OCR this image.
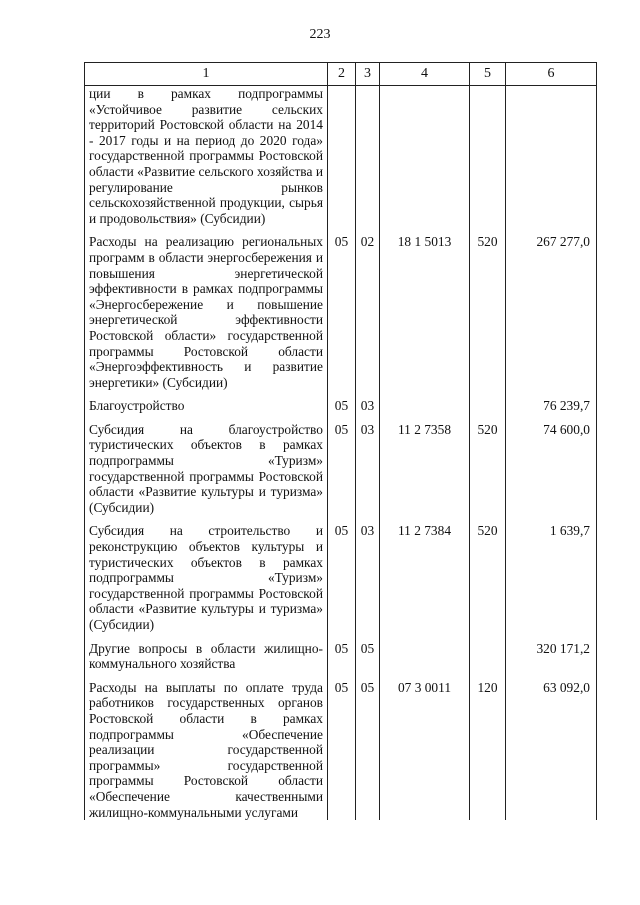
223
1	2	3	4	5	6
ции в рамках подпрограммы «Устойчивое развитие сельских территорий Ростовской области на 2014 - 2017 годы и на период до 2020 года» государственной программы Ростовской области «Развитие сельского хозяйства и регулирование рынков сельскохозяйственной продукции, сырья и продовольствия» (Субсидии)					

Расходы на реализацию региональных программ в области энергосбережения и повышения энергетической эффективности в рамках подпрограммы «Энергосбережение и повышение энергетической эффективности Ростовской области» государственной программы Ростовской области «Энергоэффективность и развитие энергетики» (Субсидии)	05	02	18 1 5013	520	267 277,0

Благоустройство	05	03			76 239,7

Субсидия на благоустройство туристических объектов в рамках подпрограммы «Туризм» государственной программы Ростовской области «Развитие культуры и туризма» (Субсидии)	05	03	11 2 7358	520	74 600,0

Субсидия на строительство и реконструкцию объектов культуры и туристических объектов в рамках подпрограммы «Туризм» государственной программы Ростовской области «Развитие культуры и туризма» (Субсидии)	05	03	11 2 7384	520	1 639,7

Другие вопросы в области жилищно-коммунального хозяйства	05	05			320 171,2

Расходы на выплаты по оплате труда работников государственных органов Ростовской области в рамках подпрограммы «Обеспечение реализации государственной программы» государственной программы Ростовской области «Обеспечение качественными жилищно-коммунальными услугами	05	05	07 3 0011	120	63 092,0
